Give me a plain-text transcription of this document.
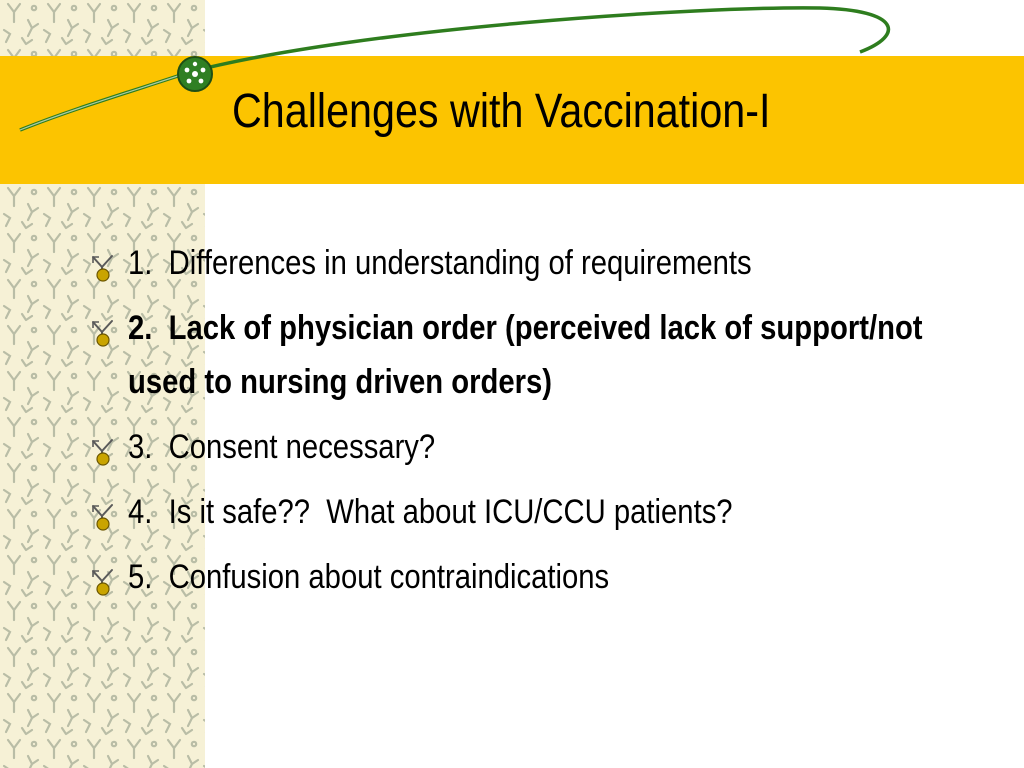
Challenges with Vaccination-I
1.  Differences in understanding of requirements
2.  Lack of physician order (perceived lack of support/not used to nursing driven orders)
3.  Consent necessary?
4.  Is it safe??  What about ICU/CCU patients?
5.  Confusion about contraindications
